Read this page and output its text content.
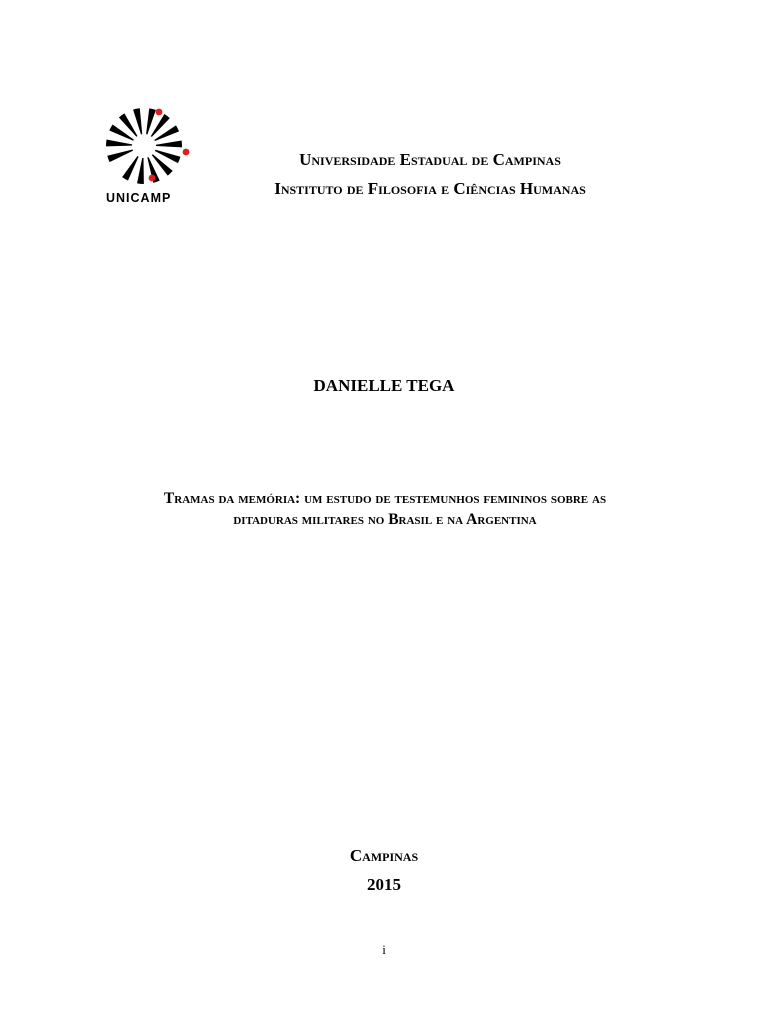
UNICAMP
Universidade Estadual de Campinas
Instituto de Filosofia e Ciências Humanas
DANIELLE TEGA
Tramas da memória: um estudo de testemunhos femininos sobre as
ditaduras militares no Brasil e na Argentina
Campinas
2015
i
